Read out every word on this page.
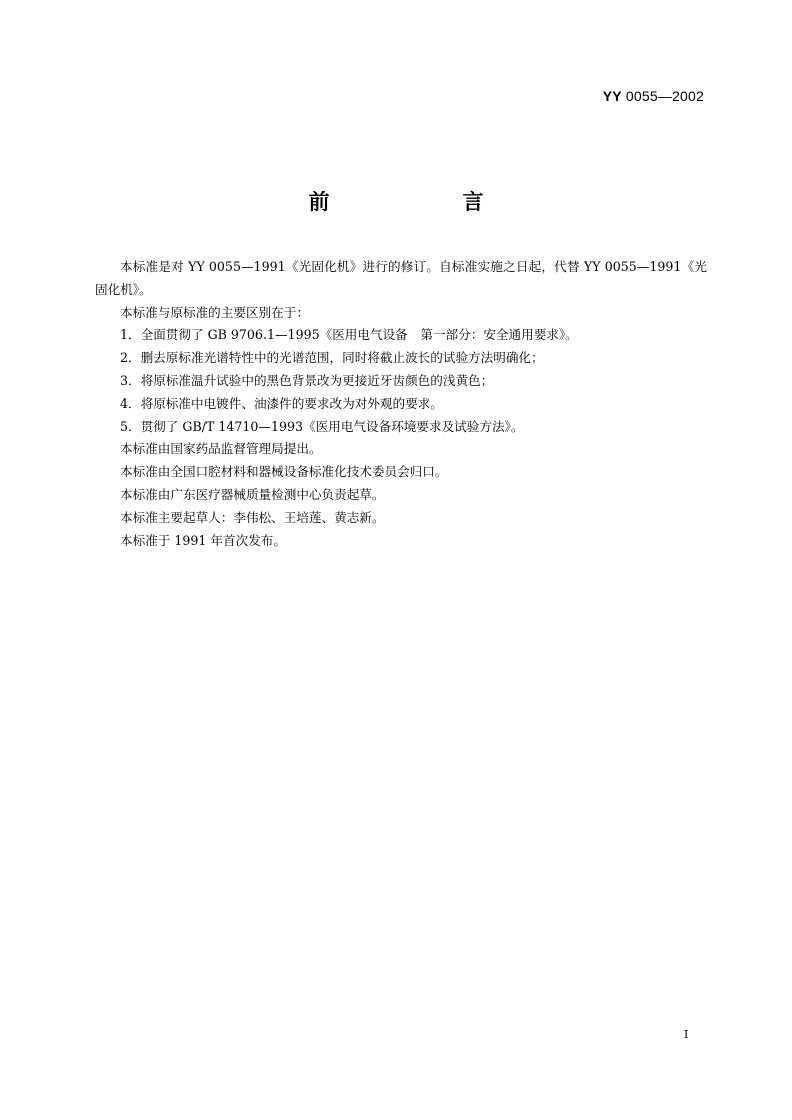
YY 0055—2002
前　言

本标准是对 YY 0055—1991《光固化机》进行的修订。自标准实施之日起，代替 YY 0055—1991《光固化机》。

本标准与原标准的主要区别在于：

1．全面贯彻了 GB 9706.1—1995《医用电气设备　第一部分：安全通用要求》。

2．删去原标准光谱特性中的光谱范围，同时将截止波长的试验方法明确化；

3．将原标准温升试验中的黑色背景改为更接近牙齿颜色的浅黄色；

4．将原标准中电镀件、油漆件的要求改为对外观的要求。

5．贯彻了 GB/T 14710—1993《医用电气设备环境要求及试验方法》。

本标准由国家药品监督管理局提出。

本标准由全国口腔材料和器械设备标准化技术委员会归口。

本标准由广东医疗器械质量检测中心负责起草。

本标准主要起草人：李伟松、王培莲、黄志新。

本标准于 1991 年首次发布。

I
